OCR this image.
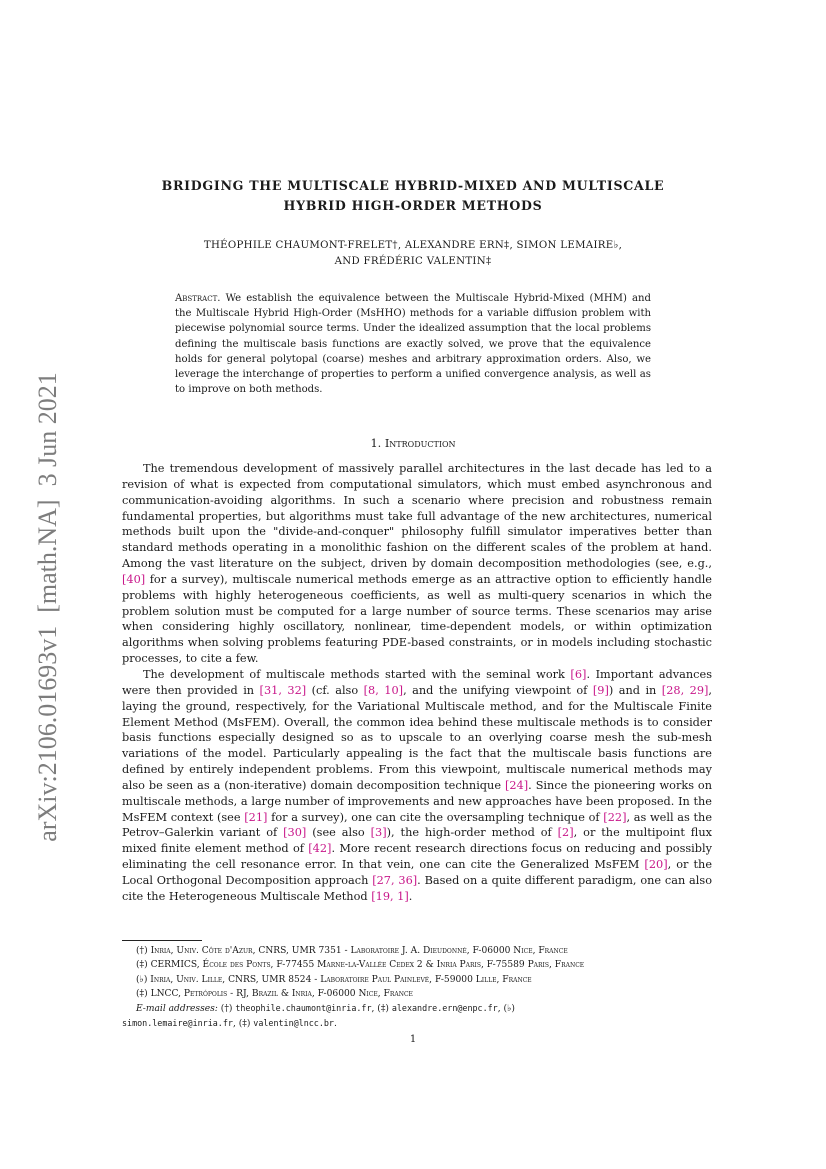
arXiv:2106.01693v1  [math.NA]  3 Jun 2021
BRIDGING THE MULTISCALE HYBRID-MIXED AND MULTISCALE
HYBRID HIGH-ORDER METHODS
THÉOPHILE CHAUMONT-FRELET†, ALEXANDRE ERN‡, SIMON LEMAIRE♭,
AND FRÉDÉRIC VALENTIN‡
Abstract. We establish the equivalence between the Multiscale Hybrid-Mixed (MHM) and the Multiscale Hybrid High-Order (MsHHO) methods for a variable diffusion problem with piecewise polynomial source terms. Under the idealized assumption that the local problems defining the multiscale basis functions are exactly solved, we prove that the equivalence holds for general polytopal (coarse) meshes and arbitrary approximation orders. Also, we leverage the interchange of properties to perform a unified convergence analysis, as well as to improve on both methods.
1. Introduction

The tremendous development of massively parallel architectures in the last decade has led to a revision of what is expected from computational simulators, which must embed asynchronous and communication-avoiding algorithms. In such a scenario where precision and robustness remain fundamental properties, but algorithms must take full advantage of the new architectures, numerical methods built upon the "divide-and-conquer" philosophy fulfill simulator imperatives better than standard methods operating in a monolithic fashion on the different scales of the problem at hand. Among the vast literature on the subject, driven by domain decomposition methodologies (see, e.g., [40] for a survey), multiscale numerical methods emerge as an attractive option to efficiently handle problems with highly heterogeneous coefficients, as well as multi-query scenarios in which the problem solution must be computed for a large number of source terms. These scenarios may arise when considering highly oscillatory, nonlinear, time-dependent models, or within optimization algorithms when solving problems featuring PDE-based constraints, or in models including stochastic processes, to cite a few.

The development of multiscale methods started with the seminal work [6]. Important advances were then provided in [31, 32] (cf. also [8, 10], and the unifying viewpoint of [9]) and in [28, 29], laying the ground, respectively, for the Variational Multiscale method, and for the Multiscale Finite Element Method (MsFEM). Overall, the common idea behind these multiscale methods is to consider basis functions especially designed so as to upscale to an overlying coarse mesh the sub-mesh variations of the model. Particularly appealing is the fact that the multiscale basis functions are defined by entirely independent problems. From this viewpoint, multiscale numerical methods may also be seen as a (non-iterative) domain decomposition technique [24]. Since the pioneering works on multiscale methods, a large number of improvements and new approaches have been proposed. In the MsFEM context (see [21] for a survey), one can cite the oversampling technique of [22], as well as the Petrov–Galerkin variant of [30] (see also [3]), the high-order method of [2], or the multipoint flux mixed finite element method of [42]. More recent research directions focus on reducing and possibly eliminating the cell resonance error. In that vein, one can cite the Generalized MsFEM [20], or the Local Orthogonal Decomposition approach [27, 36]. Based on a quite different paradigm, one can also cite the Heterogeneous Multiscale Method [19, 1].

(†) Inria, Univ. Côte d'Azur, CNRS, UMR 7351 - Laboratoire J. A. Dieudonné, F-06000 Nice, France
(‡) CERMICS, École des Ponts, F-77455 Marne-la-Vallée Cedex 2 & Inria Paris, F-75589 Paris, France
(♭) Inria, Univ. Lille, CNRS, UMR 8524 - Laboratoire Paul Painlevé, F-59000 Lille, France
(‡) LNCC, Petrópolis - RJ, Brazil & Inria, F-06000 Nice, France
E-mail addresses: (†) theophile.chaumont@inria.fr, (‡) alexandre.ern@enpc.fr, (♭)
simon.lemaire@inria.fr, (‡) valentin@lncc.br.
1
